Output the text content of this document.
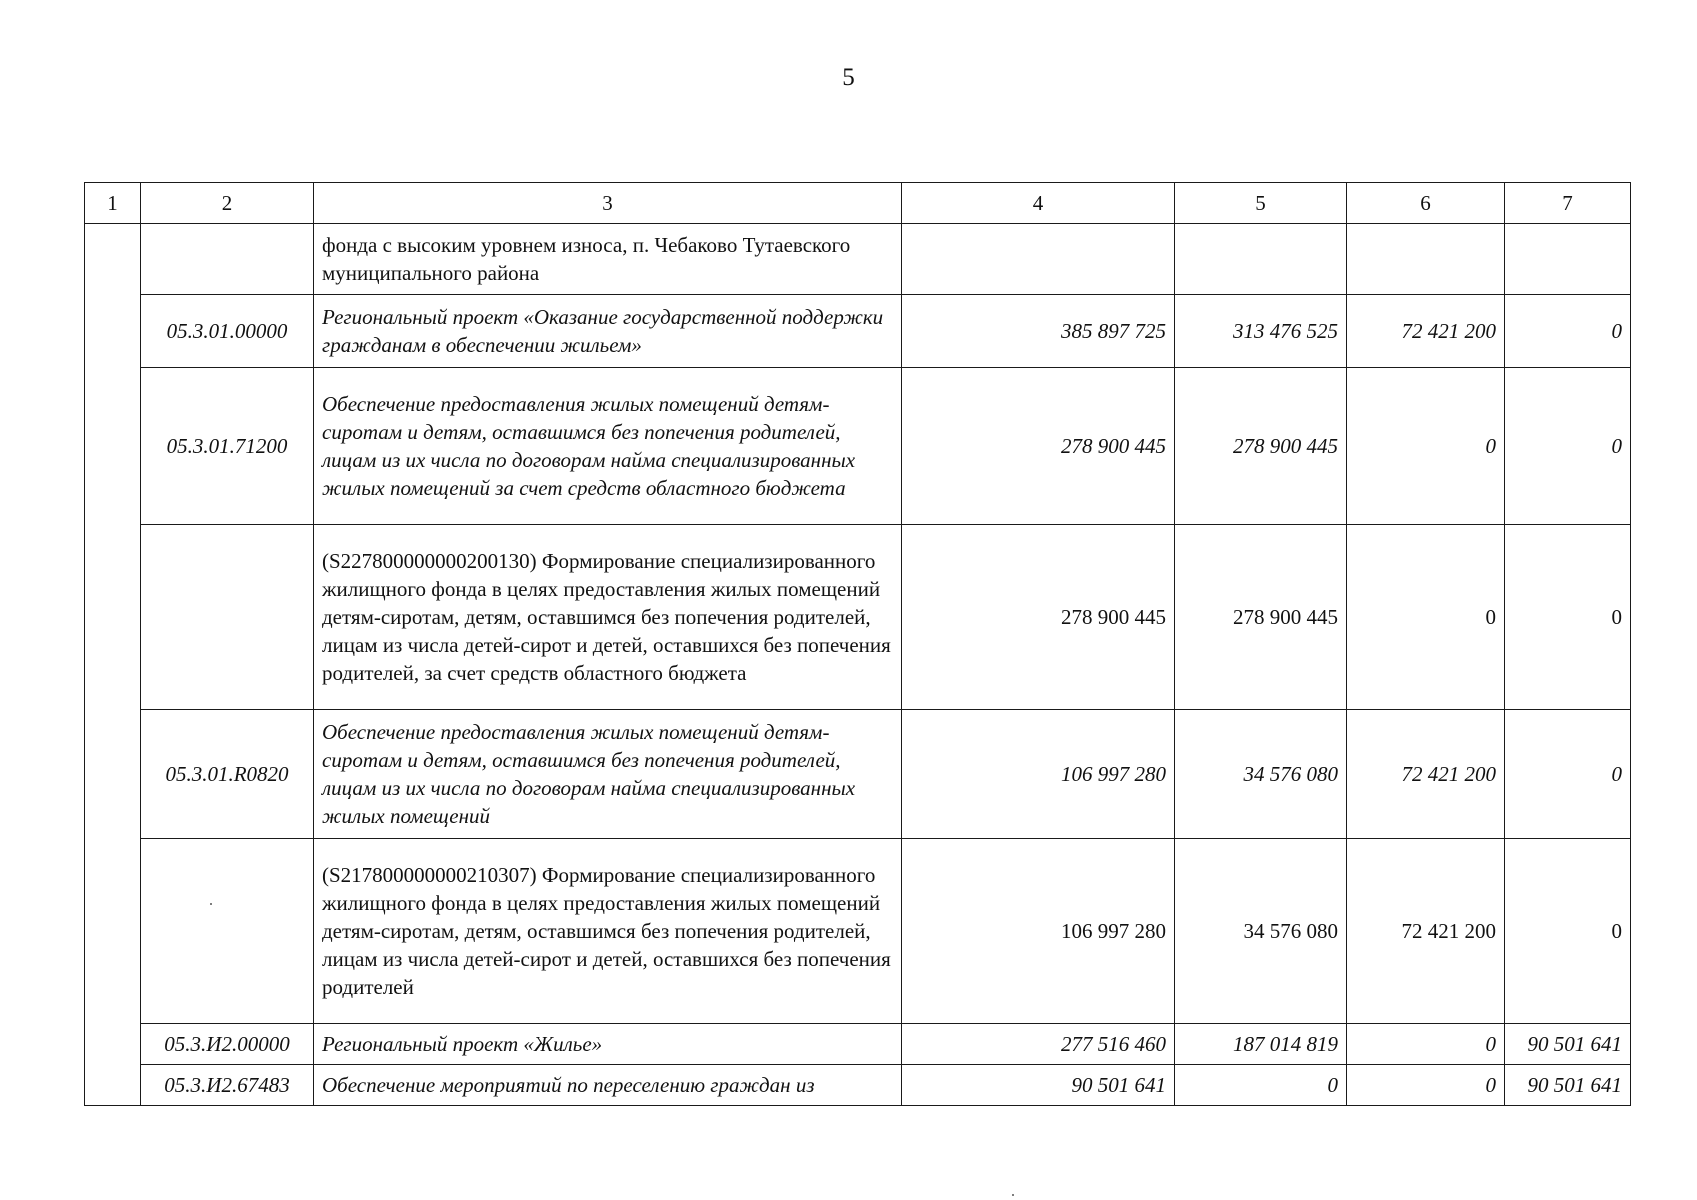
5
1	2	3	4	5	6	7
		фонда с высоким уровнем износа, п. Чебаково Тутаевского муниципального района				
	05.3.01.00000	Региональный проект «Оказание государственной поддержки гражданам в обеспечении жильем»	385 897 725	313 476 525	72 421 200	0
	05.3.01.71200	Обеспечение предоставления жилых помещений детям-сиротам и детям, оставшимся без попечения родителей, лицам из их числа по договорам найма специализированных жилых помещений за счет средств областного бюджета	278 900 445	278 900 445	0	0
		(S227800000000200130) Формирование специализированного жилищного фонда в целях предоставления жилых помещений детям-сиротам, детям, оставшимся без попечения родителей, лицам из числа детей-сирот и детей, оставшихся без попечения родителей, за счет средств областного бюджета	278 900 445	278 900 445	0	0
	05.3.01.R0820	Обеспечение предоставления жилых помещений детям-сиротам и детям, оставшимся без попечения родителей, лицам из их числа по договорам найма специализированных жилых помещений	106 997 280	34 576 080	72 421 200	0
		(S217800000000210307) Формирование специализированного жилищного фонда в целях предоставления жилых помещений детям-сиротам, детям, оставшимся без попечения родителей, лицам из числа детей-сирот и детей, оставшихся без попечения родителей	106 997 280	34 576 080	72 421 200	0
	05.3.И2.00000	Региональный проект «Жилье»	277 516 460	187 014 819	0	90 501 641
	05.3.И2.67483	Обеспечение мероприятий по переселению граждан из	90 501 641	0	0	90 501 641
